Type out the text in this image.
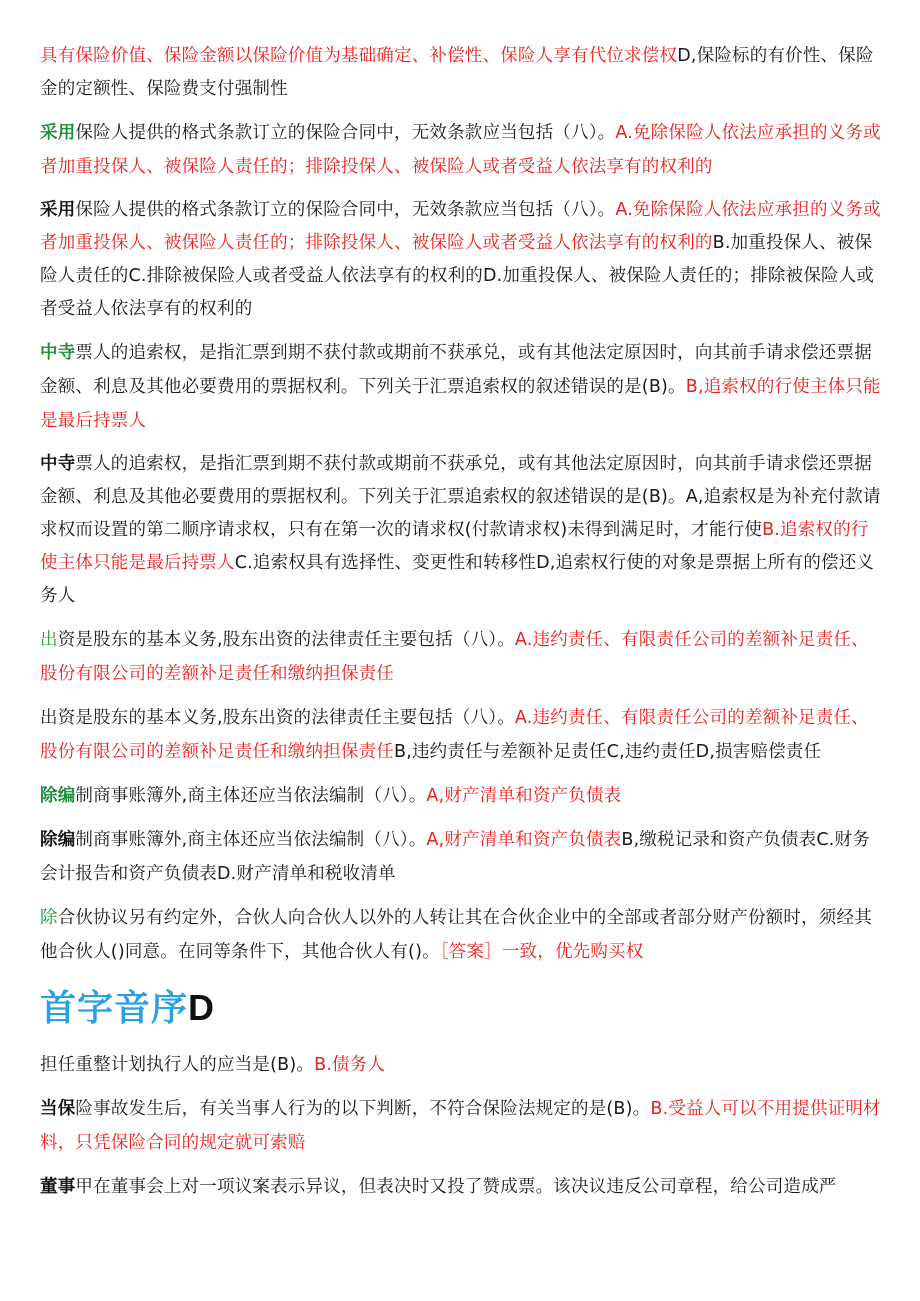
具有保险价值、保险金额以保险价值为基础确定、补偿性、保险人享有代位求偿权D,保险标的有价性、保险金的定额性、保险费支付强制性

采用保险人提供的格式条款订立的保险合同中，无效条款应当包括（八）。A.免除保险人依法应承担的义务或者加重投保人、被保险人责任的；排除投保人、被保险人或者受益人依法享有的权利的

采用保险人提供的格式条款订立的保险合同中，无效条款应当包括（八）。A.免除保险人依法应承担的义务或者加重投保人、被保险人责任的；排除投保人、被保险人或者受益人依法享有的权利的B.加重投保人、被保险人责任的C.排除被保险人或者受益人依法享有的权利的D.加重投保人、被保险人责任的；排除被保险人或者受益人依法享有的权利的

中寺票人的追索权，是指汇票到期不获付款或期前不获承兑，或有其他法定原因时，向其前手请求偿还票据金额、利息及其他必要费用的票据权利。下列关于汇票追索权的叙述错误的是(B)。B,追索权的行使主体只能是最后持票人

中寺票人的追索权，是指汇票到期不获付款或期前不获承兑，或有其他法定原因时，向其前手请求偿还票据金额、利息及其他必要费用的票据权利。下列关于汇票追索权的叙述错误的是(B)。A,追索权是为补充付款请求权而设置的第二顺序请求权，只有在第一次的请求权(付款请求权)未得到满足时，才能行使B.追索权的行使主体只能是最后持票人C.追索权具有选择性、变更性和转移性D,追索权行使的对象是票据上所有的偿还义务人

出资是股东的基本义务,股东出资的法律责任主要包括（八）。A.违约责任、有限责任公司的差额补足责任、股份有限公司的差额补足责任和缴纳担保责任

出资是股东的基本义务,股东出资的法律责任主要包括（八）。A.违约责任、有限责任公司的差额补足责任、股份有限公司的差额补足责任和缴纳担保责任B,违约责任与差额补足责任C,违约责任D,损害赔偿责任

除编制商事账簿外,商主体还应当依法编制（八）。A,财产清单和资产负债表

除编制商事账簿外,商主体还应当依法编制（八）。A,财产清单和资产负债表B,缴税记录和资产负债表C.财务会计报告和资产负债表D.财产清单和税收清单

除合伙协议另有约定外，合伙人向合伙人以外的人转让其在合伙企业中的全部或者部分财产份额时，须经其他合伙人()同意。在同等条件下，其他合伙人有()。［答案］一致，优先购买权

首字音序D

担任重整计划执行人的应当是(B)。B.债务人

当保险事故发生后，有关当事人行为的以下判断，不符合保险法规定的是(B)。B.受益人可以不用提供证明材料，只凭保险合同的规定就可索赔

董事甲在董事会上对一项议案表示异议，但表决时又投了赞成票。该决议违反公司章程，给公司造成严
